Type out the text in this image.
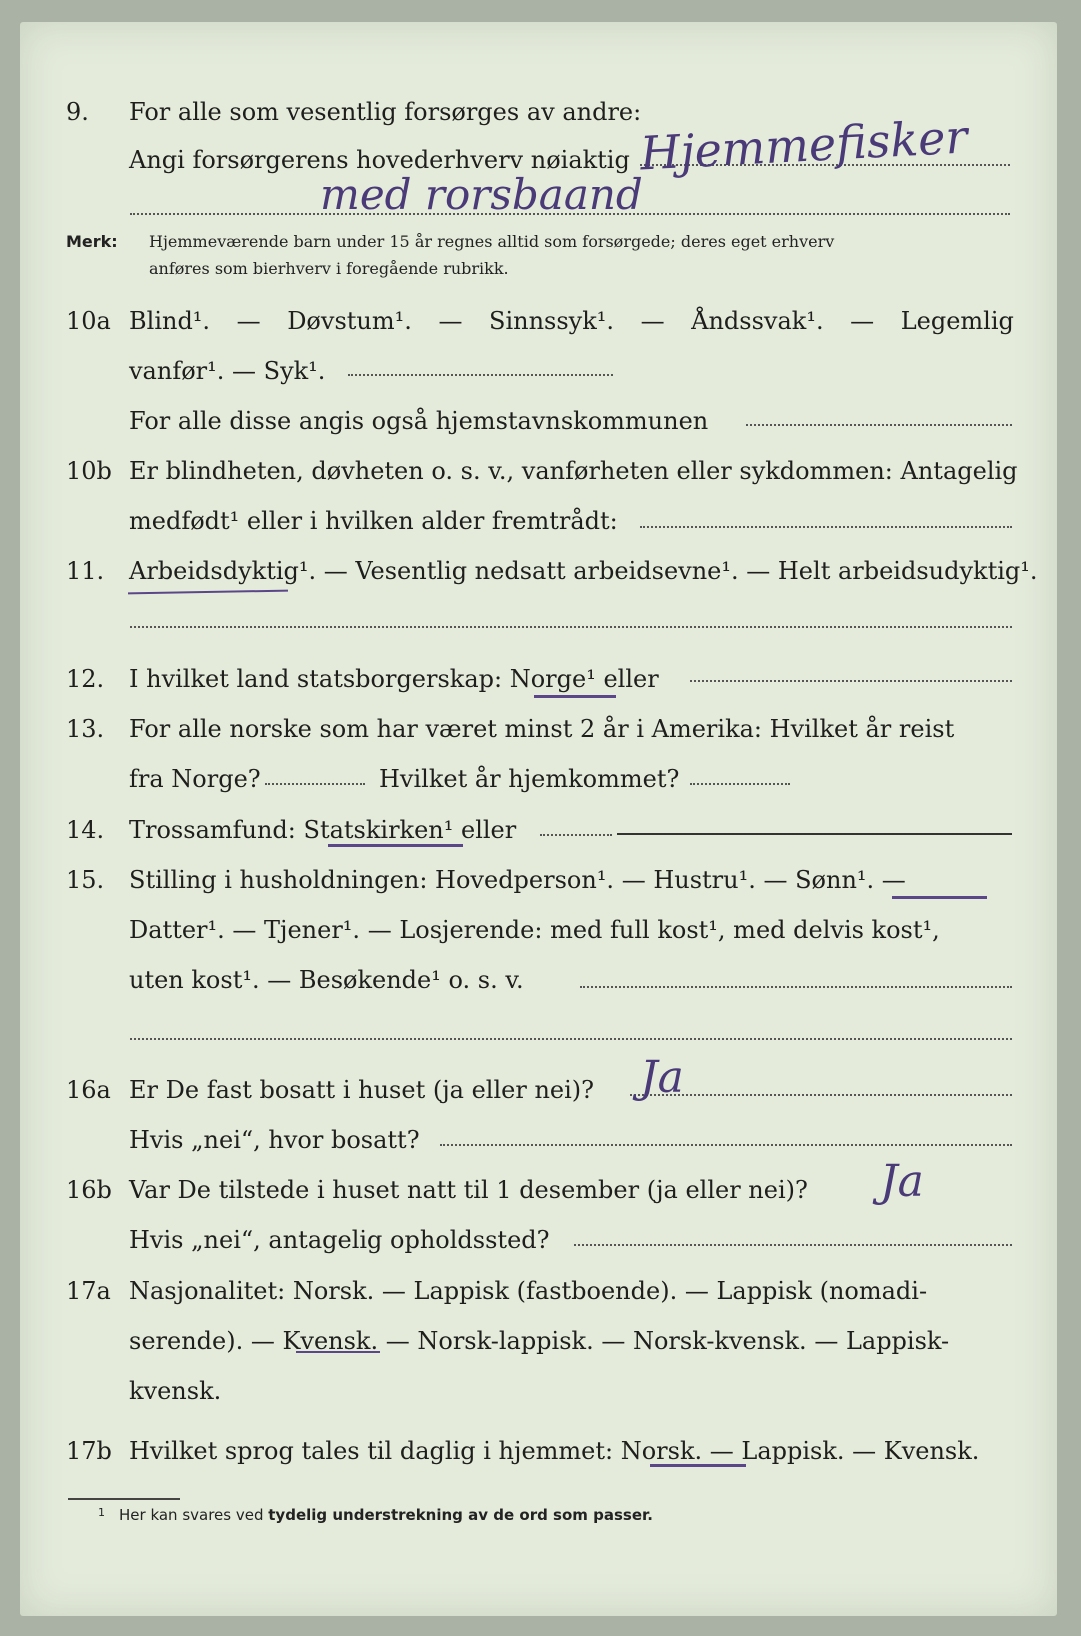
9. For alle som vesentlig forsørges av andre:
Angi forsørgerens hovederhverv nøiaktig Hjemmefisker
med rorsbaand
Merk: Hjemmeværende barn under 15 år regnes alltid som forsørgede; deres eget erhverv
anføres som bierhverv i foregående rubrikk.
10a Blind¹. — Døvstum¹. — Sinnssyk¹. — Åndssvak¹. — Legemlig
vanfør¹. — Syk¹.
For alle disse angis også hjemstavnskommunen
10b Er blindheten, døvheten o. s. v., vanførheten eller sykdommen: Antagelig
medfødt¹ eller i hvilken alder fremtrådt:
11. Arbeidsdyktig¹. — Vesentlig nedsatt arbeidsevne¹. — Helt arbeidsudyktig¹.
12. I hvilket land statsborgerskap: Norge¹ eller
13. For alle norske som har været minst 2 år i Amerika: Hvilket år reist
fra Norge?	Hvilket år hjemkommet?
14. Trossamfund: Statskirken¹ eller
15. Stilling i husholdningen: Hovedperson¹. — Hustru¹. — Sønn¹. —
Datter¹. — Tjener¹. — Losjerende: med full kost¹, med delvis kost¹,
uten kost¹. — Besøkende¹ o. s. v.
16a Er De fast bosatt i huset (ja eller nei)? Ja
Hvis „nei“, hvor bosatt?
16b Var De tilstede i huset natt til 1 desember (ja eller nei)? Ja
Hvis „nei“, antagelig opholdssted?
17a Nasjonalitet: Norsk. — Lappisk (fastboende). — Lappisk (nomadi-
serende). — Kvensk. — Norsk-lappisk. — Norsk-kvensk. — Lappisk-
kvensk.
17b Hvilket sprog tales til daglig i hjemmet: Norsk. — Lappisk. — Kvensk.
$^1$ Her kan svares ved tydelig understrekning av de ord som passer.
